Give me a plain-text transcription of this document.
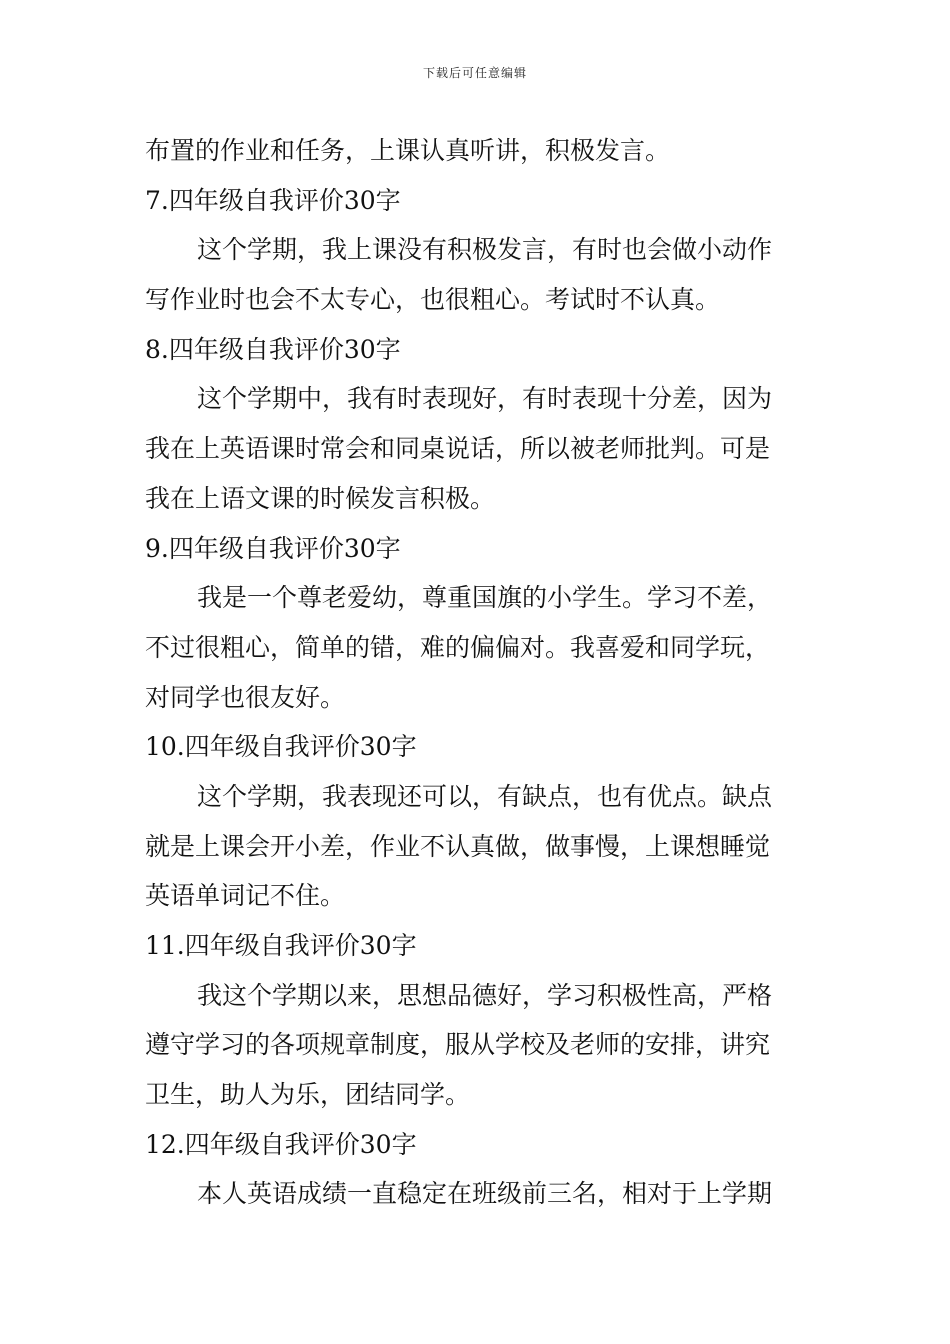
下载后可任意编辑
布置的作业和任务，上课认真听讲，积极发言。
7.四年级自我评价30字
这个学期，我上课没有积极发言，有时也会做小动作
写作业时也会不太专心，也很粗心。考试时不认真。
8.四年级自我评价30字
这个学期中，我有时表现好，有时表现十分差，因为
我在上英语课时常会和同桌说话，所以被老师批判。可是
我在上语文课的时候发言积极。
9.四年级自我评价30字
我是一个尊老爱幼，尊重国旗的小学生。学习不差，
不过很粗心，简单的错，难的偏偏对。我喜爱和同学玩，
对同学也很友好。
10.四年级自我评价30字
这个学期，我表现还可以，有缺点，也有优点。缺点
就是上课会开小差，作业不认真做，做事慢，上课想睡觉
英语单词记不住。
11.四年级自我评价30字
我这个学期以来，思想品德好，学习积极性高，严格
遵守学习的各项规章制度，服从学校及老师的安排，讲究
卫生，助人为乐，团结同学。
12.四年级自我评价30字
本人英语成绩一直稳定在班级前三名，相对于上学期
